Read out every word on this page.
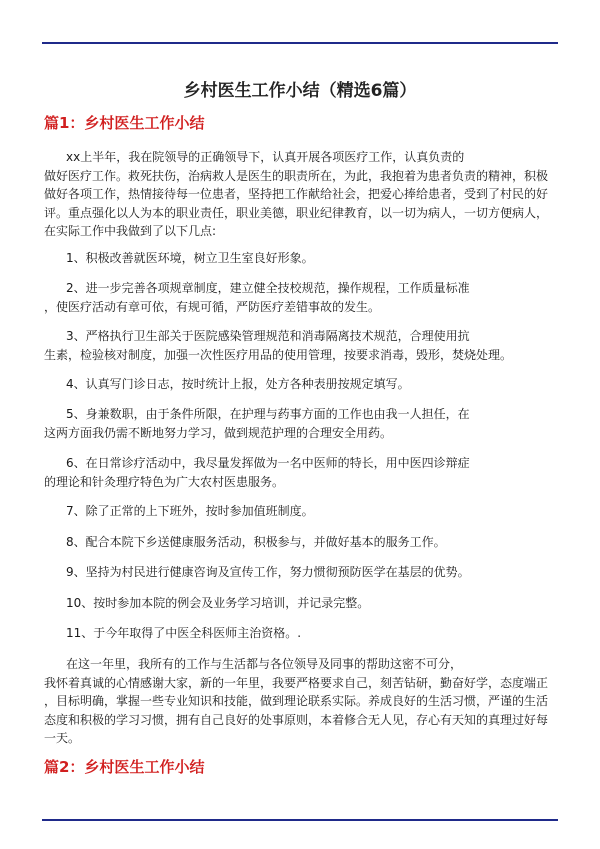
乡村医生工作小结（精选6篇）
篇1：乡村医生工作小结
xx上半年，我在院领导的正确领导下，认真开展各项医疗工作，认真负责的
做好医疗工作。救死扶伤，治病救人是医生的职责所在，为此，我抱着为患者负责的精神，积极
做好各项工作，热情接待每一位患者，坚持把工作献给社会，把爱心捧给患者，受到了村民的好
评。重点强化以人为本的职业责任，职业美德，职业纪律教育，以一切为病人，一切方便病人，
在实际工作中我做到了以下几点:
1、积极改善就医环境，树立卫生室良好形象。
2、进一步完善各项规章制度，建立健全技校规范，操作规程，工作质量标准
，使医疗活动有章可依，有规可循，严防医疗差错事故的发生。
3、严格执行卫生部关于医院感染管理规范和消毒隔离技术规范，合理使用抗
生素，检验核对制度，加强一次性医疗用品的使用管理，按要求消毒，毁形，焚烧处理。
4、认真写门诊日志，按时统计上报，处方各种表册按规定填写。
5、身兼数职，由于条件所限，在护理与药事方面的工作也由我一人担任，在
这两方面我仍需不断地努力学习，做到规范护理的合理安全用药。
6、在日常诊疗活动中，我尽量发挥做为一名中医师的特长，用中医四诊辩症
的理论和针灸理疗特色为广大农村医患服务。
7、除了正常的上下班外，按时参加值班制度。
8、配合本院下乡送健康服务活动，积极参与，并做好基本的服务工作。
9、坚持为村民进行健康咨询及宣传工作，努力惯彻预防医学在基层的优势。
10、按时参加本院的例会及业务学习培训，并记录完整。
11、于今年取得了中医全科医师主治资格。.
在这一年里，我所有的工作与生活都与各位领导及同事的帮助这密不可分，
我怀着真诚的心情感谢大家，新的一年里，我要严格要求自己，刻苦钻研，勤奋好学，态度端正
，目标明确，掌握一些专业知识和技能，做到理论联系实际。养成良好的生活习惯，严谨的生活
态度和积极的学习习惯，拥有自己良好的处事原则，本着修合无人见，存心有天知的真理过好每
一天。
篇2：乡村医生工作小结
